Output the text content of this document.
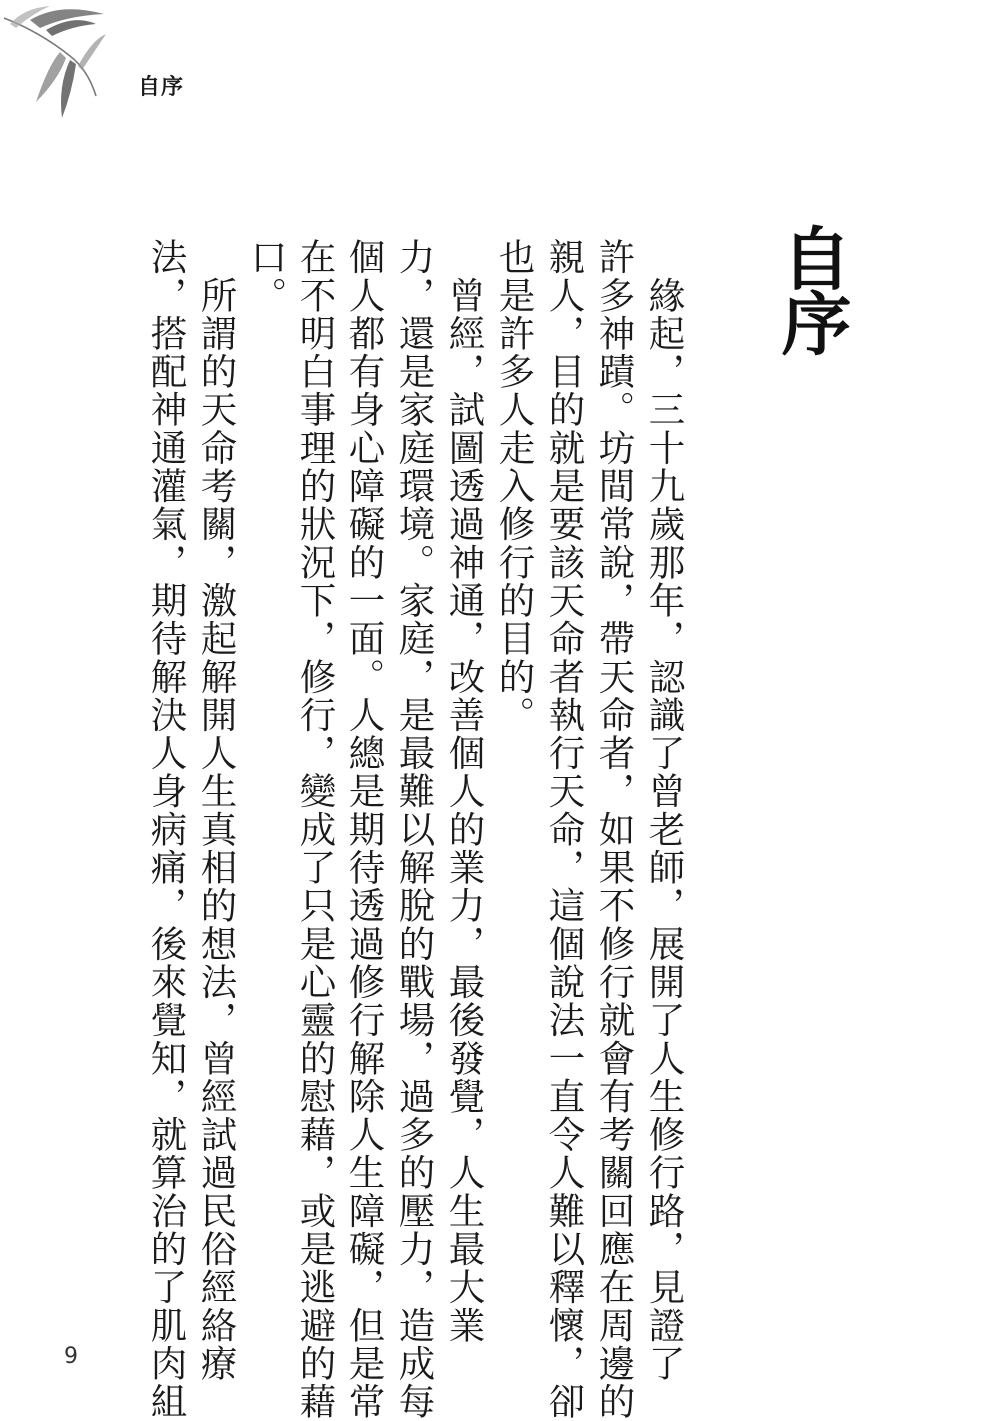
自序
自序
　緣起，三十九歲那年，認識了曾老師，展開了人生修行路，見證了
許多神蹟。坊間常說，帶天命者，如果不修行就會有考關回應在周邊的
親人，目的就是要該天命者執行天命，這個說法一直令人難以釋懷，卻
也是許多人走入修行的目的。
　曾經，試圖透過神通，改善個人的業力，最後發覺，人生最大業
力，還是家庭環境。家庭，是最難以解脫的戰場，過多的壓力，造成每
個人都有身心障礙的一面。人總是期待透過修行解除人生障礙，但是常
在不明白事理的狀況下，修行，變成了只是心靈的慰藉，或是逃避的藉
口。
　所謂的天命考關，激起解開人生真相的想法，曾經試過民俗經絡療
法，搭配神通灌氣，期待解決人身病痛，後來覺知，就算治的了肌肉組
9
